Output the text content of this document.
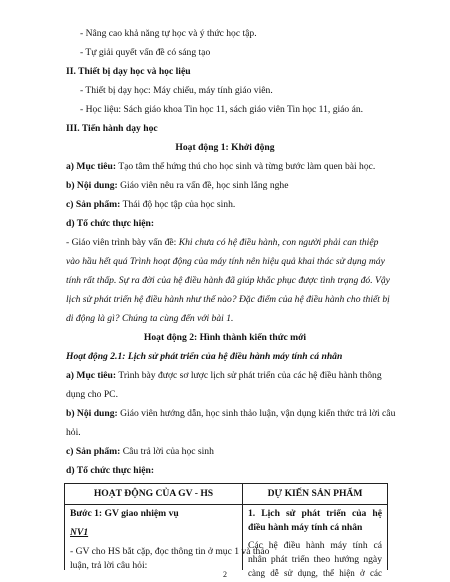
- Nâng cao khả năng tự học và ý thức học tập.
- Tự giải quyết vấn đề có sáng tạo
II. Thiết bị dạy học và học liệu
- Thiết bị dạy học: Máy chiếu, máy tính giáo viên.
- Học liệu: Sách giáo khoa Tin học 11, sách giáo viên Tin học 11, giáo án.
III. Tiến hành dạy học
Hoạt động 1: Khởi động
a) Mục tiêu: Tạo tâm thế hứng thú cho học sinh và từng bước làm quen bài học.
b) Nội dung: Giáo viên nêu ra vấn đề, học sinh lắng nghe
c) Sản phẩm: Thái độ học tập của học sinh.
d) Tổ chức thực hiện:
- Giáo viên trình bày vấn đề: Khi chưa có hệ điều hành, con người phải can thiệp
vào hầu hết quá Trình hoạt động của máy tính nên hiệu quả khai thác sử dụng máy
tính rất thấp. Sự ra đời của hệ điều hành đã giúp khắc phục được tình trạng đó. Vậy
lịch sử phát triển hệ điều hành như thế nào? Đặc điểm của hệ điều hành cho thiết bị
di động là gì? Chúng ta cùng đến với bài 1.
Hoạt động 2: Hình thành kiến thức mới
Hoạt động 2.1: Lịch sử phát triển của hệ điều hành máy tính cá nhân
a) Mục tiêu: Trình bày được sơ lược lịch sử phát triển của các hệ điều hành thông
dụng cho PC.
b) Nội dung: Giáo viên hướng dẫn, học sinh thảo luận, vận dụng kiến thức trả lời câu
hỏi.
c) Sản phẩm: Câu trả lời của học sinh
d) Tổ chức thực hiện:
HOẠT ĐỘNG CỦA GV - HS	DỰ KIẾN SẢN PHẨM
Bước 1: GV giao nhiệm vụ
NV1
- GV cho HS bắt cặp, đọc thông tin ở mục 1 và thảo
luận, trả lời câu hỏi:
1. Lịch sử phát triển của hệ
điều hành máy tính cá nhân
Các hệ điều hành máy tính cá
nhân phát triển theo hướng ngày
càng dễ sử dụng, thể hiện ở các
2
